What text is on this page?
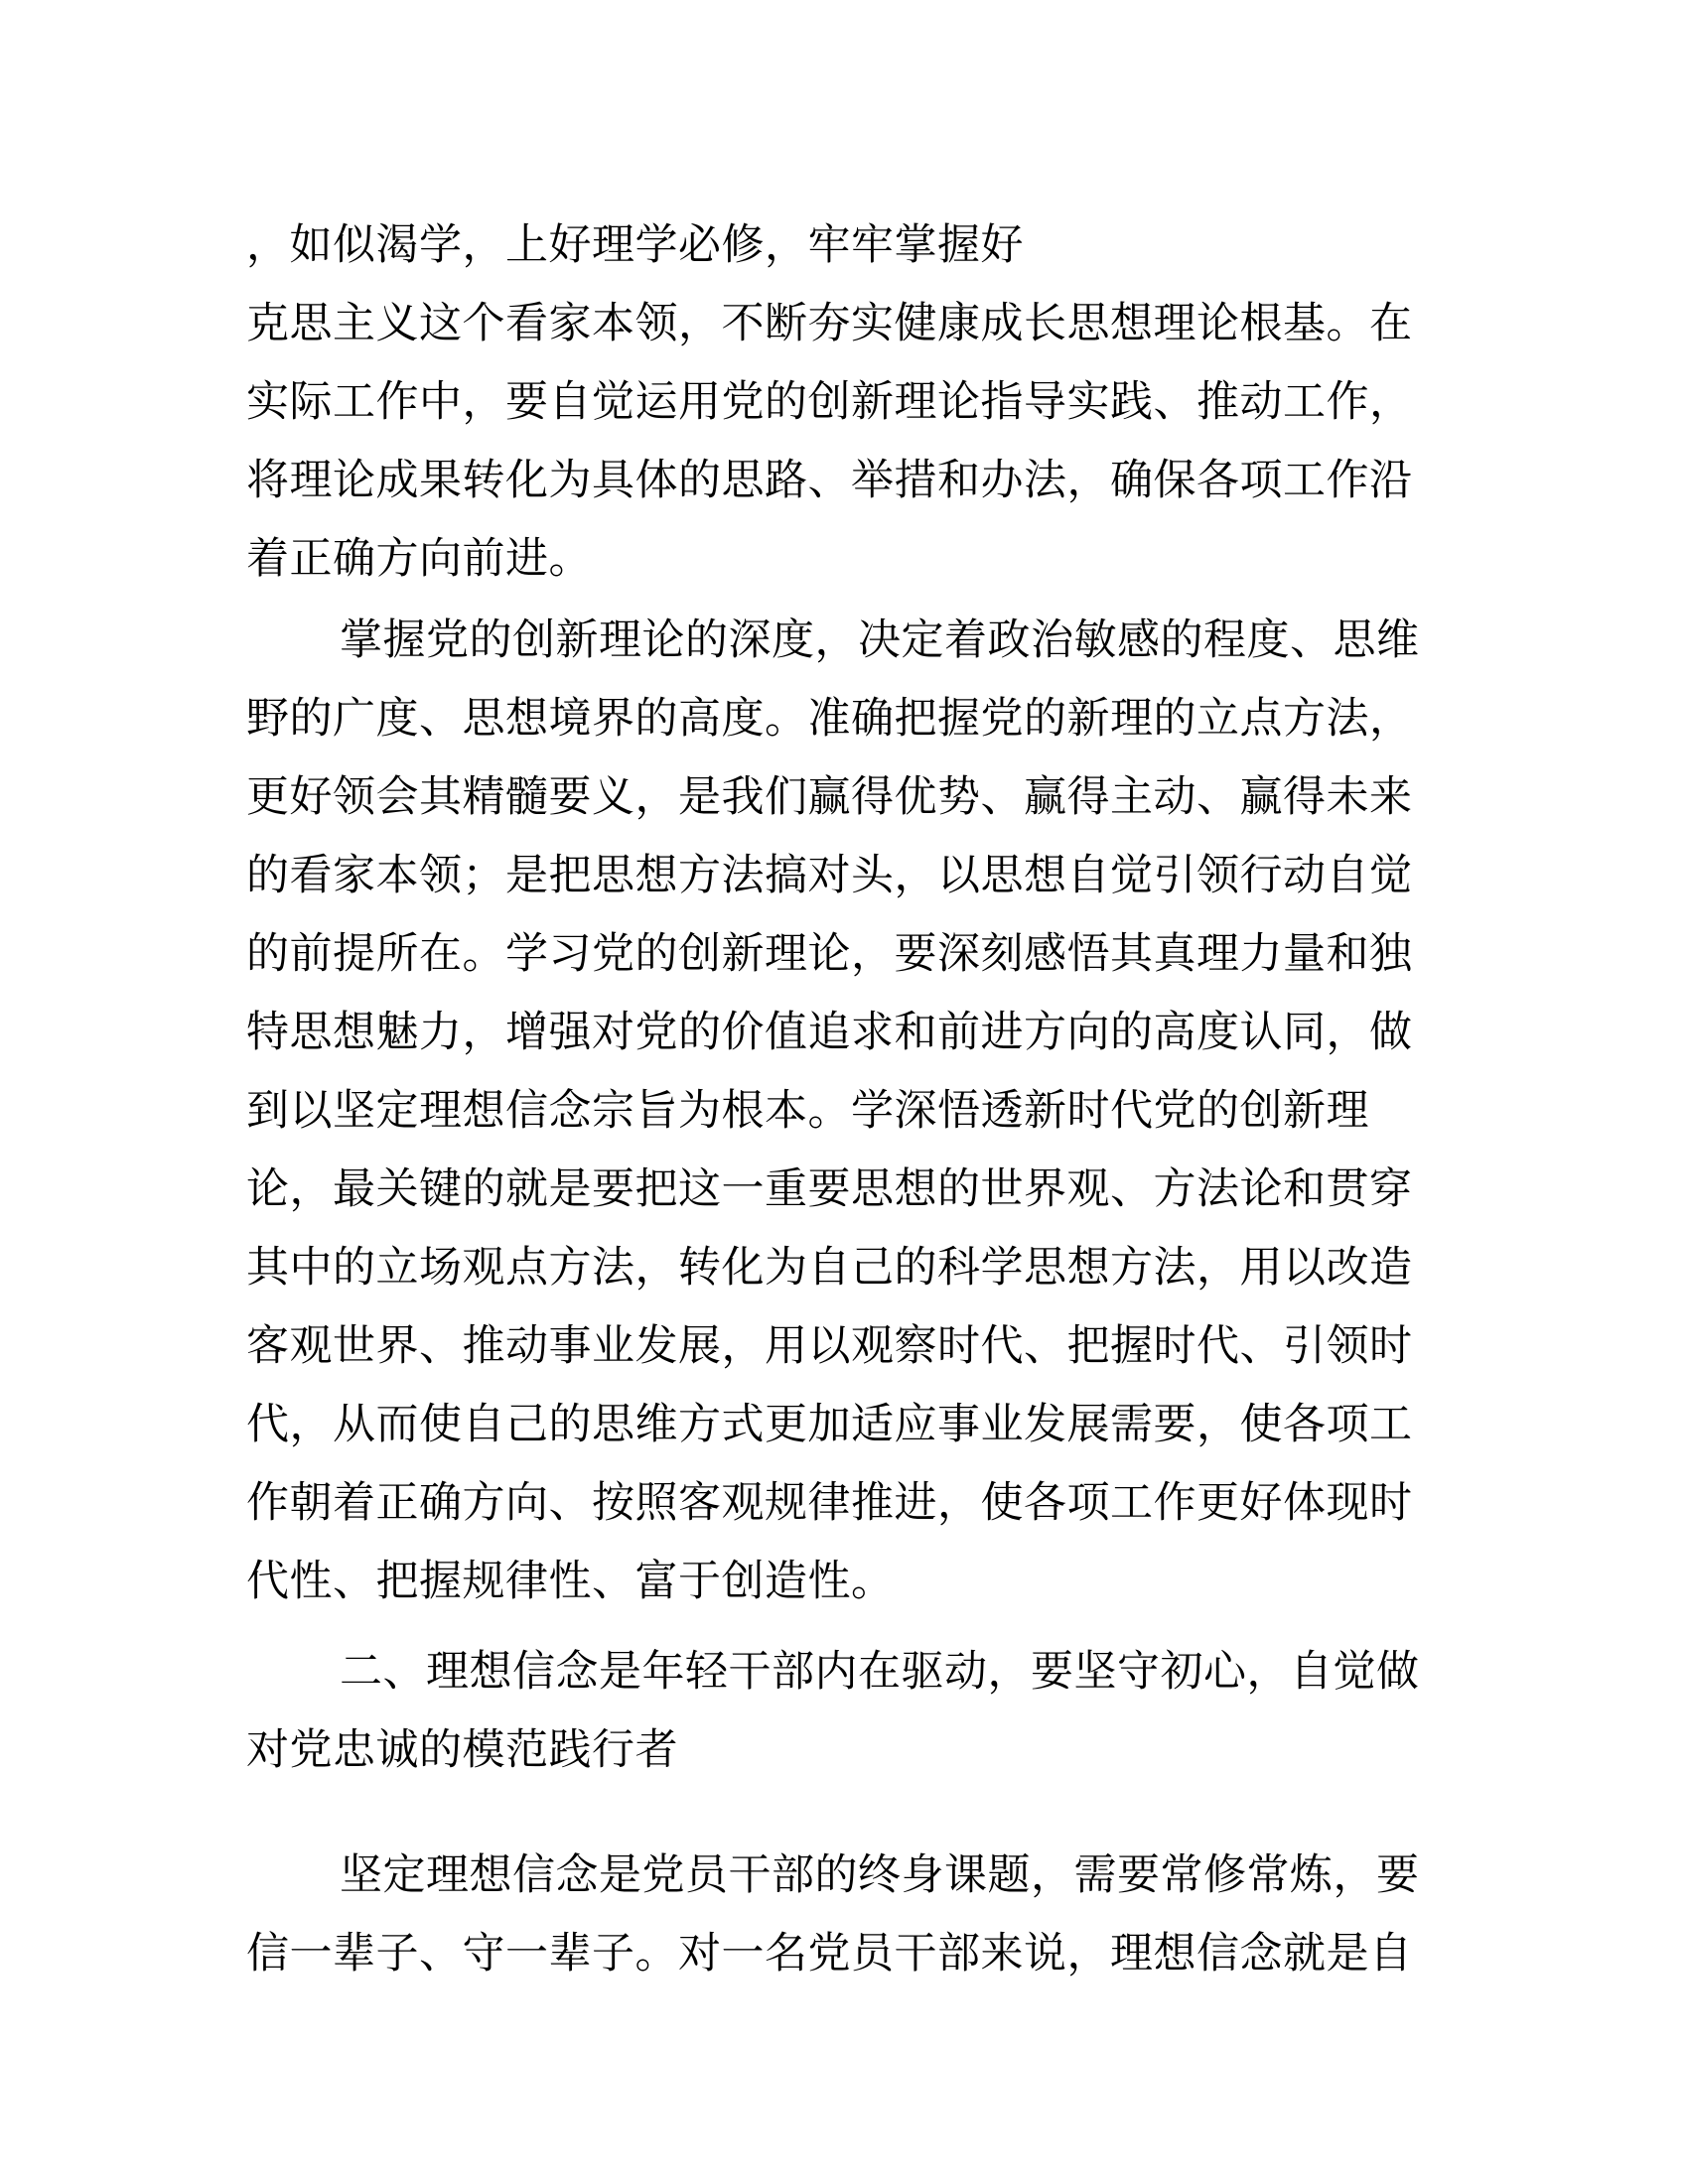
，如似渴学，上好理学必修，牢牢掌握好
克思主义这个看家本领，不断夯实健康成长思想理论根基。在
实际工作中，要自觉运用党的创新理论指导实践、推动工作，
将理论成果转化为具体的思路、举措和办法，确保各项工作沿
着正确方向前进。
掌握党的创新理论的深度，决定着政治敏感的程度、思维
野的广度、思想境界的高度。准确把握党的新理的立点方法，
更好领会其精髓要义，是我们赢得优势、赢得主动、赢得未来
的看家本领；是把思想方法搞对头，以思想自觉引领行动自觉
的前提所在。学习党的创新理论，要深刻感悟其真理力量和独
特思想魅力，增强对党的价值追求和前进方向的高度认同，做
到以坚定理想信念宗旨为根本。学深悟透新时代党的创新理
论，最关键的就是要把这一重要思想的世界观、方法论和贯穿
其中的立场观点方法，转化为自己的科学思想方法，用以改造
客观世界、推动事业发展，用以观察时代、把握时代、引领时
代，从而使自己的思维方式更加适应事业发展需要，使各项工
作朝着正确方向、按照客观规律推进，使各项工作更好体现时
代性、把握规律性、富于创造性。
二、理想信念是年轻干部内在驱动，要坚守初心，自觉做
对党忠诚的模范践行者
坚定理想信念是党员干部的终身课题，需要常修常炼，要
信一辈子、守一辈子。对一名党员干部来说，理想信念就是自
